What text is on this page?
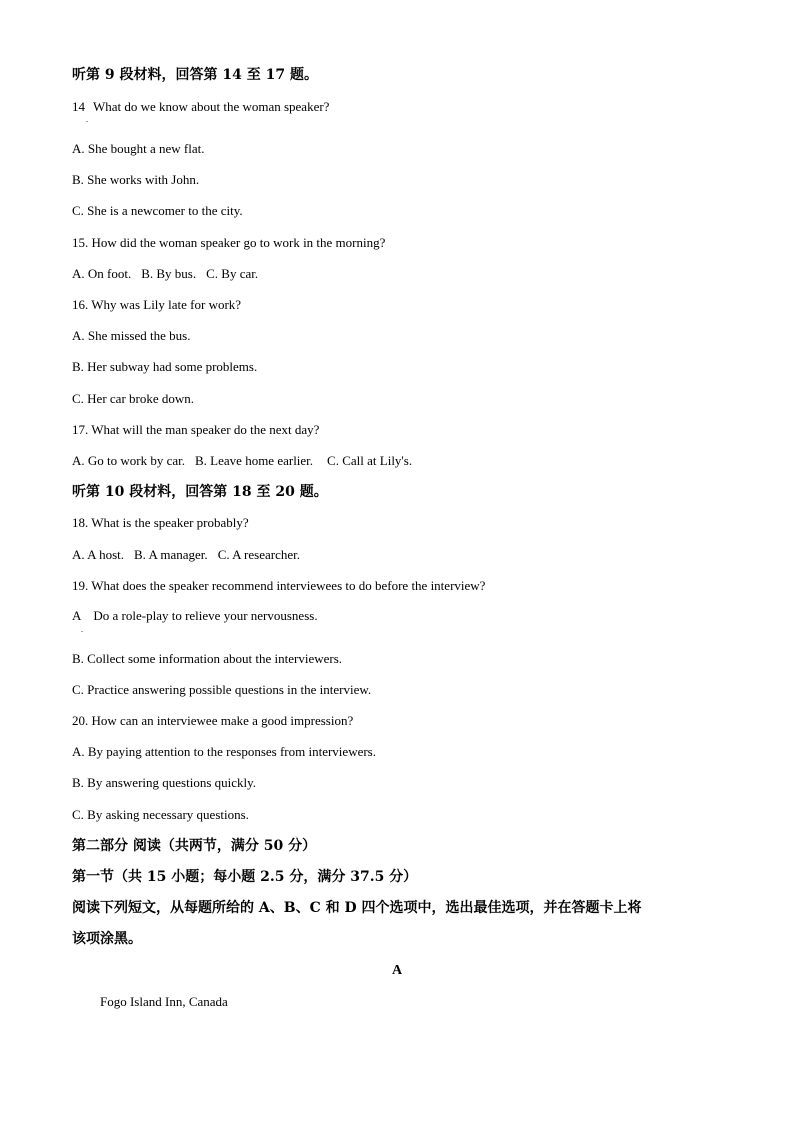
听第 9 段材料，回答第 14 至 17 题。
14 What do we know about the woman speaker?
.
A. She bought a new flat.
B. She works with John.
C. She is a newcomer to the city.
15. How did the woman speaker go to work in the morning?
A. On foot. B. By bus. C. By car.
16. Why was Lily late for work?
A. She missed the bus.
B. Her subway had some problems.
C. Her car broke down.
17. What will the man speaker do the next day?
A. Go to work by car. B. Leave home earlier. C. Call at Lily's.
听第 10 段材料，回答第 18 至 20 题。
18. What is the speaker probably?
A. A host. B. A manager. C. A researcher.
19. What does the speaker recommend interviewees to do before the interview?
A Do a role-play to relieve your nervousness.
.
B. Collect some information about the interviewers.
C. Practice answering possible questions in the interview.
20. How can an interviewee make a good impression?
A. By paying attention to the responses from interviewers.
B. By answering questions quickly.
C. By asking necessary questions.
第二部分 阅读（共两节，满分 50 分）
第一节（共 15 小题；每小题 2.5 分，满分 37.5 分）
阅读下列短文，从每题所给的 A、B、C 和 D 四个选项中，选出最佳选项，并在答题卡上将
该项涂黑。
A
Fogo Island Inn, Canada
